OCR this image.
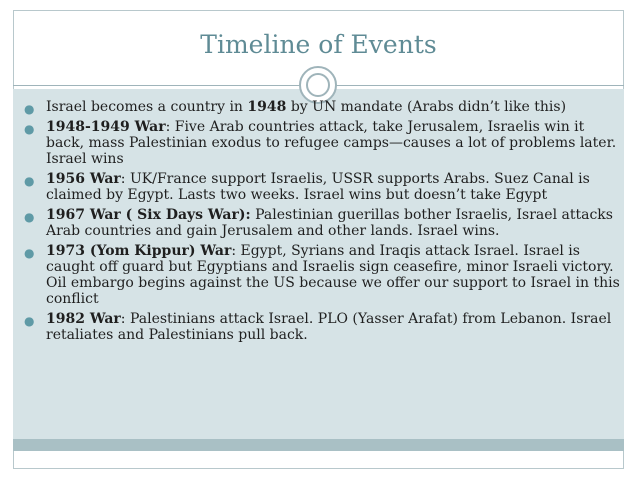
Timeline of Events
● Israel becomes a country in 1948 by UN mandate (Arabs didn’t like this)
● 1948-1949 War: Five Arab countries attack, take Jerusalem, Israelis win it back, mass Palestinian exodus to refugee camps—causes a lot of problems later. Israel wins
● 1956 War: UK/France support Israelis, USSR supports Arabs. Suez Canal is claimed by Egypt. Lasts two weeks. Israel wins but doesn’t take Egypt
● 1967 War ( Six Days War): Palestinian guerillas bother Israelis, Israel attacks Arab countries and gain Jerusalem and other lands. Israel wins.
● 1973 (Yom Kippur) War: Egypt, Syrians and Iraqis attack Israel. Israel is caught off guard but Egyptians and Israelis sign ceasefire, minor Israeli victory. Oil embargo begins against the US because we offer our support to Israel in this conflict
● 1982 War: Palestinians attack Israel. PLO (Yasser Arafat) from Lebanon. Israel retaliates and Palestinians pull back.
